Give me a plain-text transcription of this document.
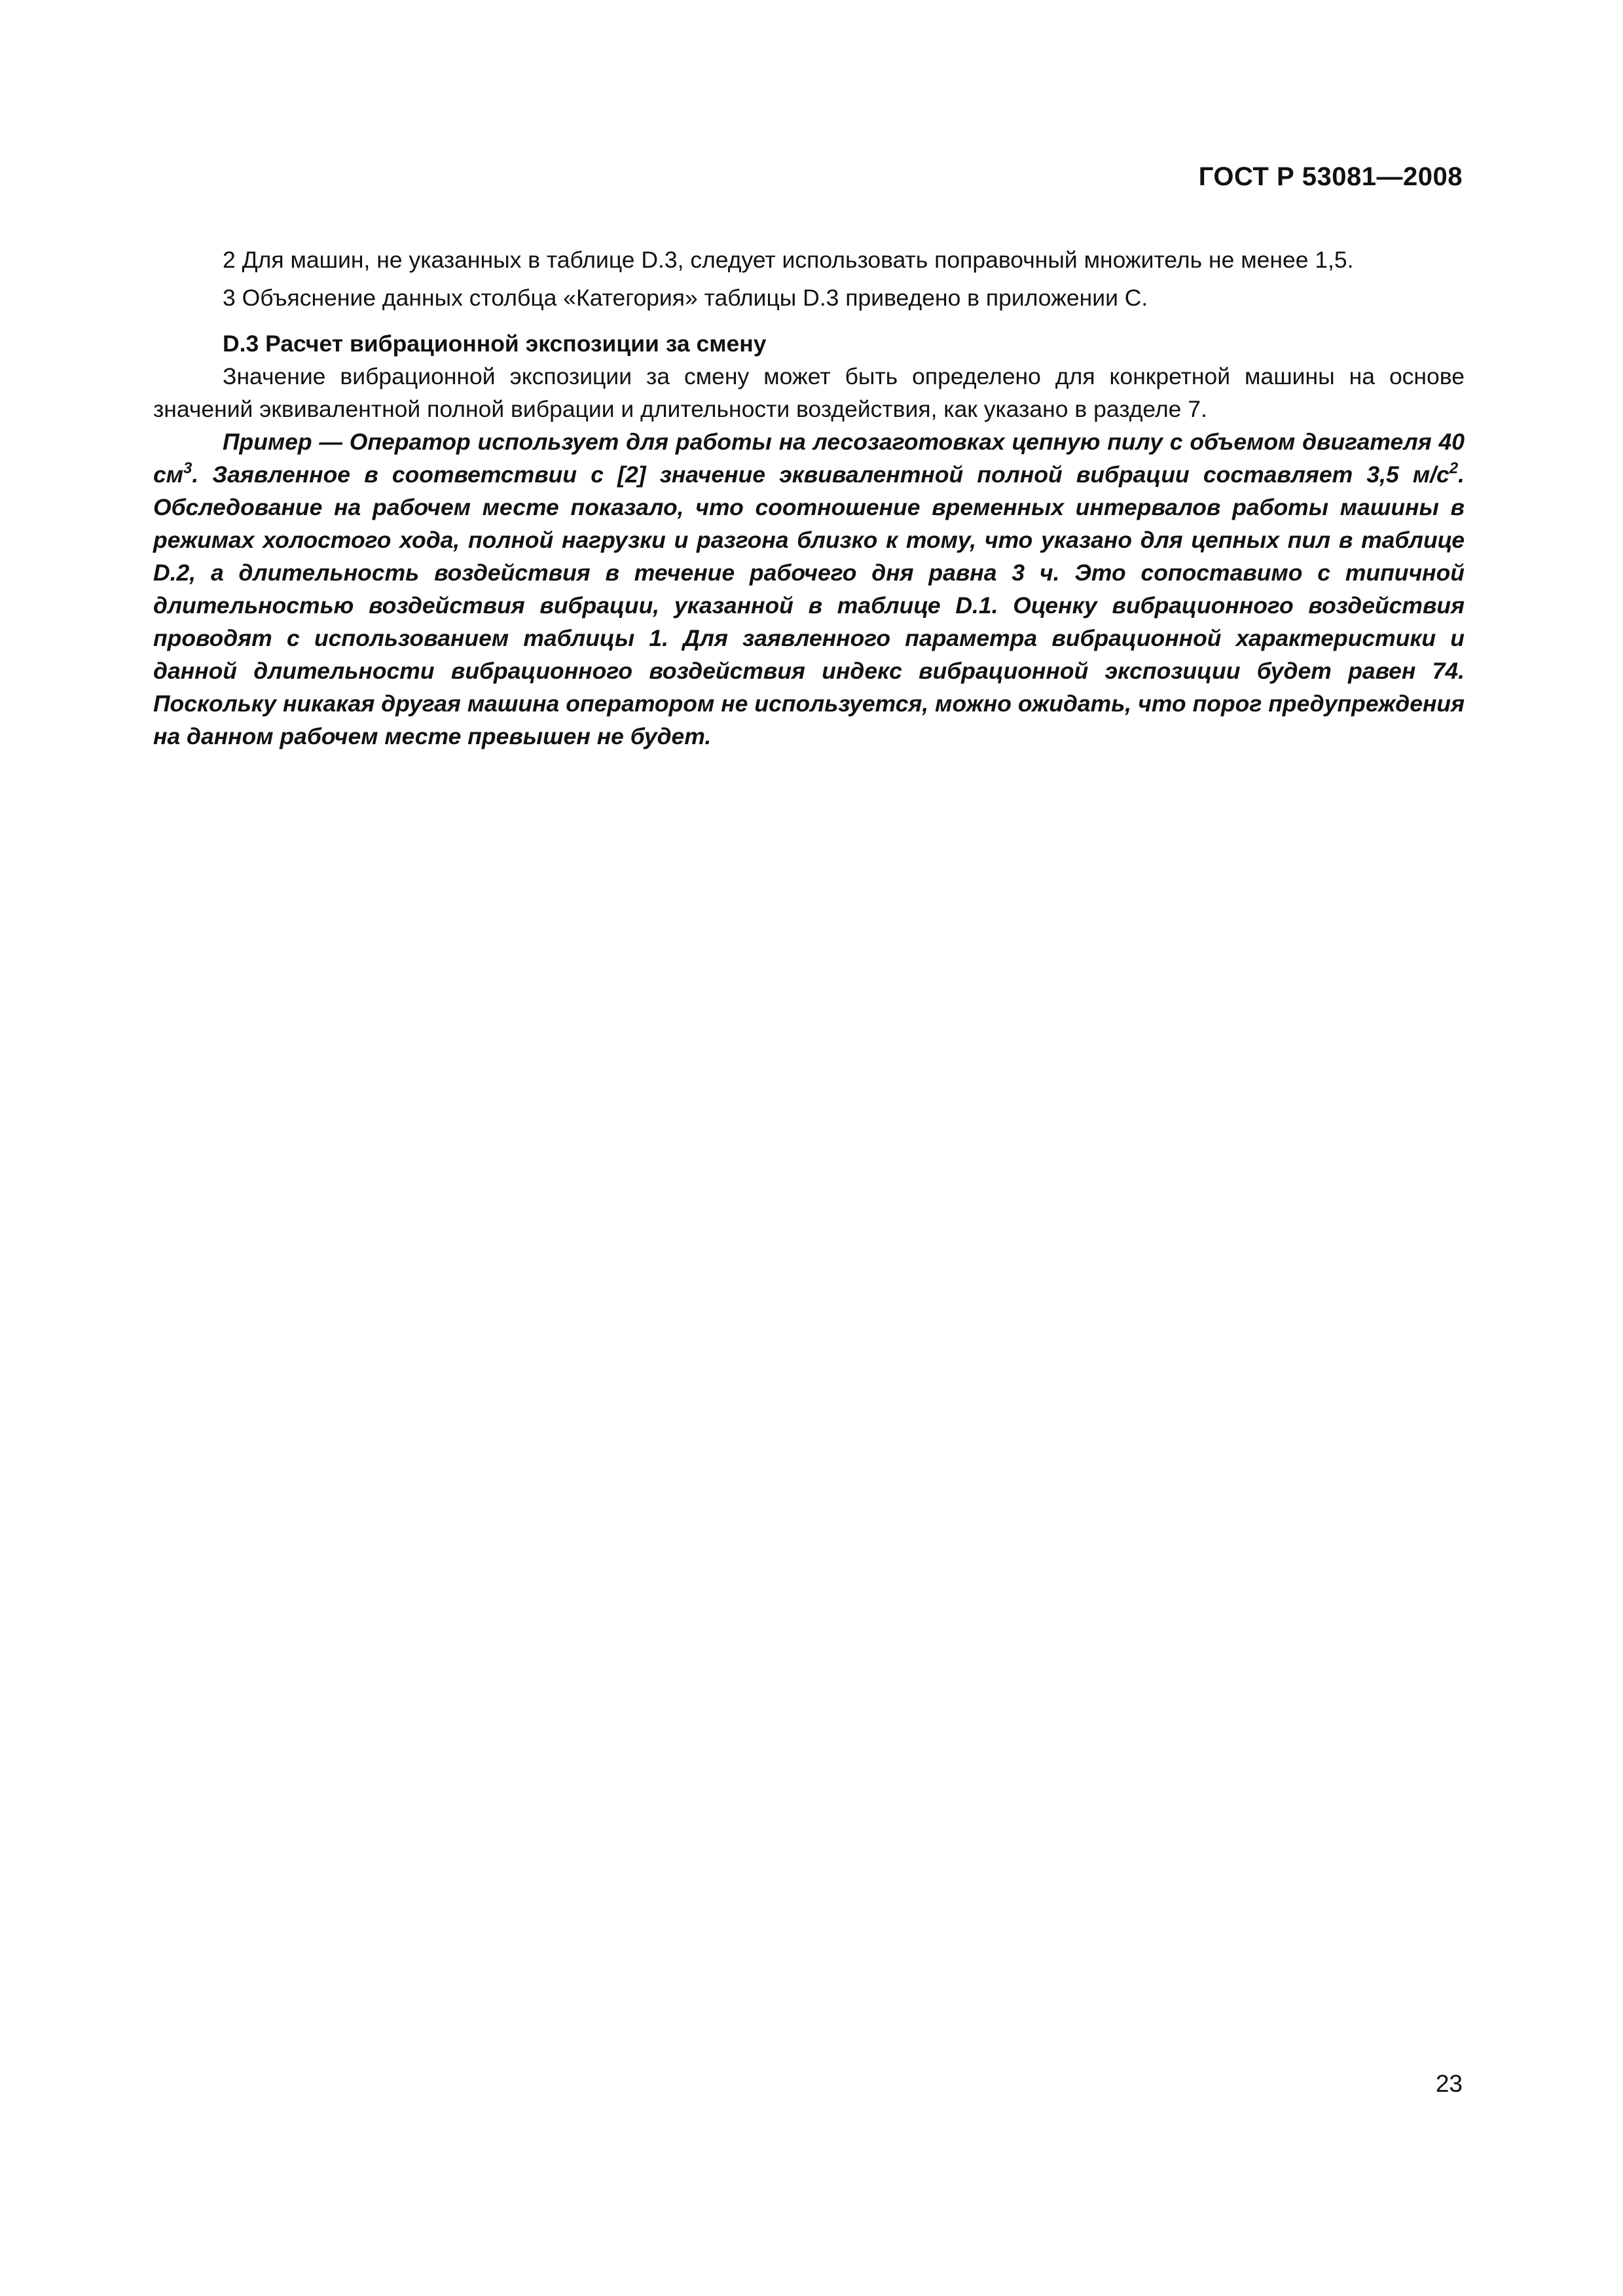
ГОСТ Р 53081—2008

2 Для машин, не указанных в таблице D.3, следует использовать поправочный множитель не менее 1,5.

3 Объяснение данных столбца «Категория» таблицы D.3 приведено в приложении С.

D.3 Расчет вибрационной экспозиции за смену

Значение вибрационной экспозиции за смену может быть определено для конкретной машины на основе значений эквивалентной полной вибрации и длительности воздействия, как указано в разделе 7.

Пример — Оператор использует для работы на лесозаготовках цепную пилу с объемом двигателя 40 $см^3$. Заявленное в соответствии с [2] значение эквивалентной полной вибрации составляет 3,5 $м/с^2$. Обследование на рабочем месте показало, что соотношение временных интервалов работы машины в режимах холостого хода, полной нагрузки и разгона близко к тому, что указано для цепных пил в таблице D.2, а длительность воздействия в течение рабочего дня равна 3 ч. Это сопоставимо с типичной длительностью воздействия вибрации, указанной в таблице D.1. Оценку вибрационного воздействия проводят с использованием таблицы 1. Для заявленного параметра вибрационной характеристики и данной длительности вибрационного воздействия индекс вибрационной экспозиции будет равен 74. Поскольку никакая другая машина оператором не используется, можно ожидать, что порог предупреждения на данном рабочем месте превышен не будет.

23
